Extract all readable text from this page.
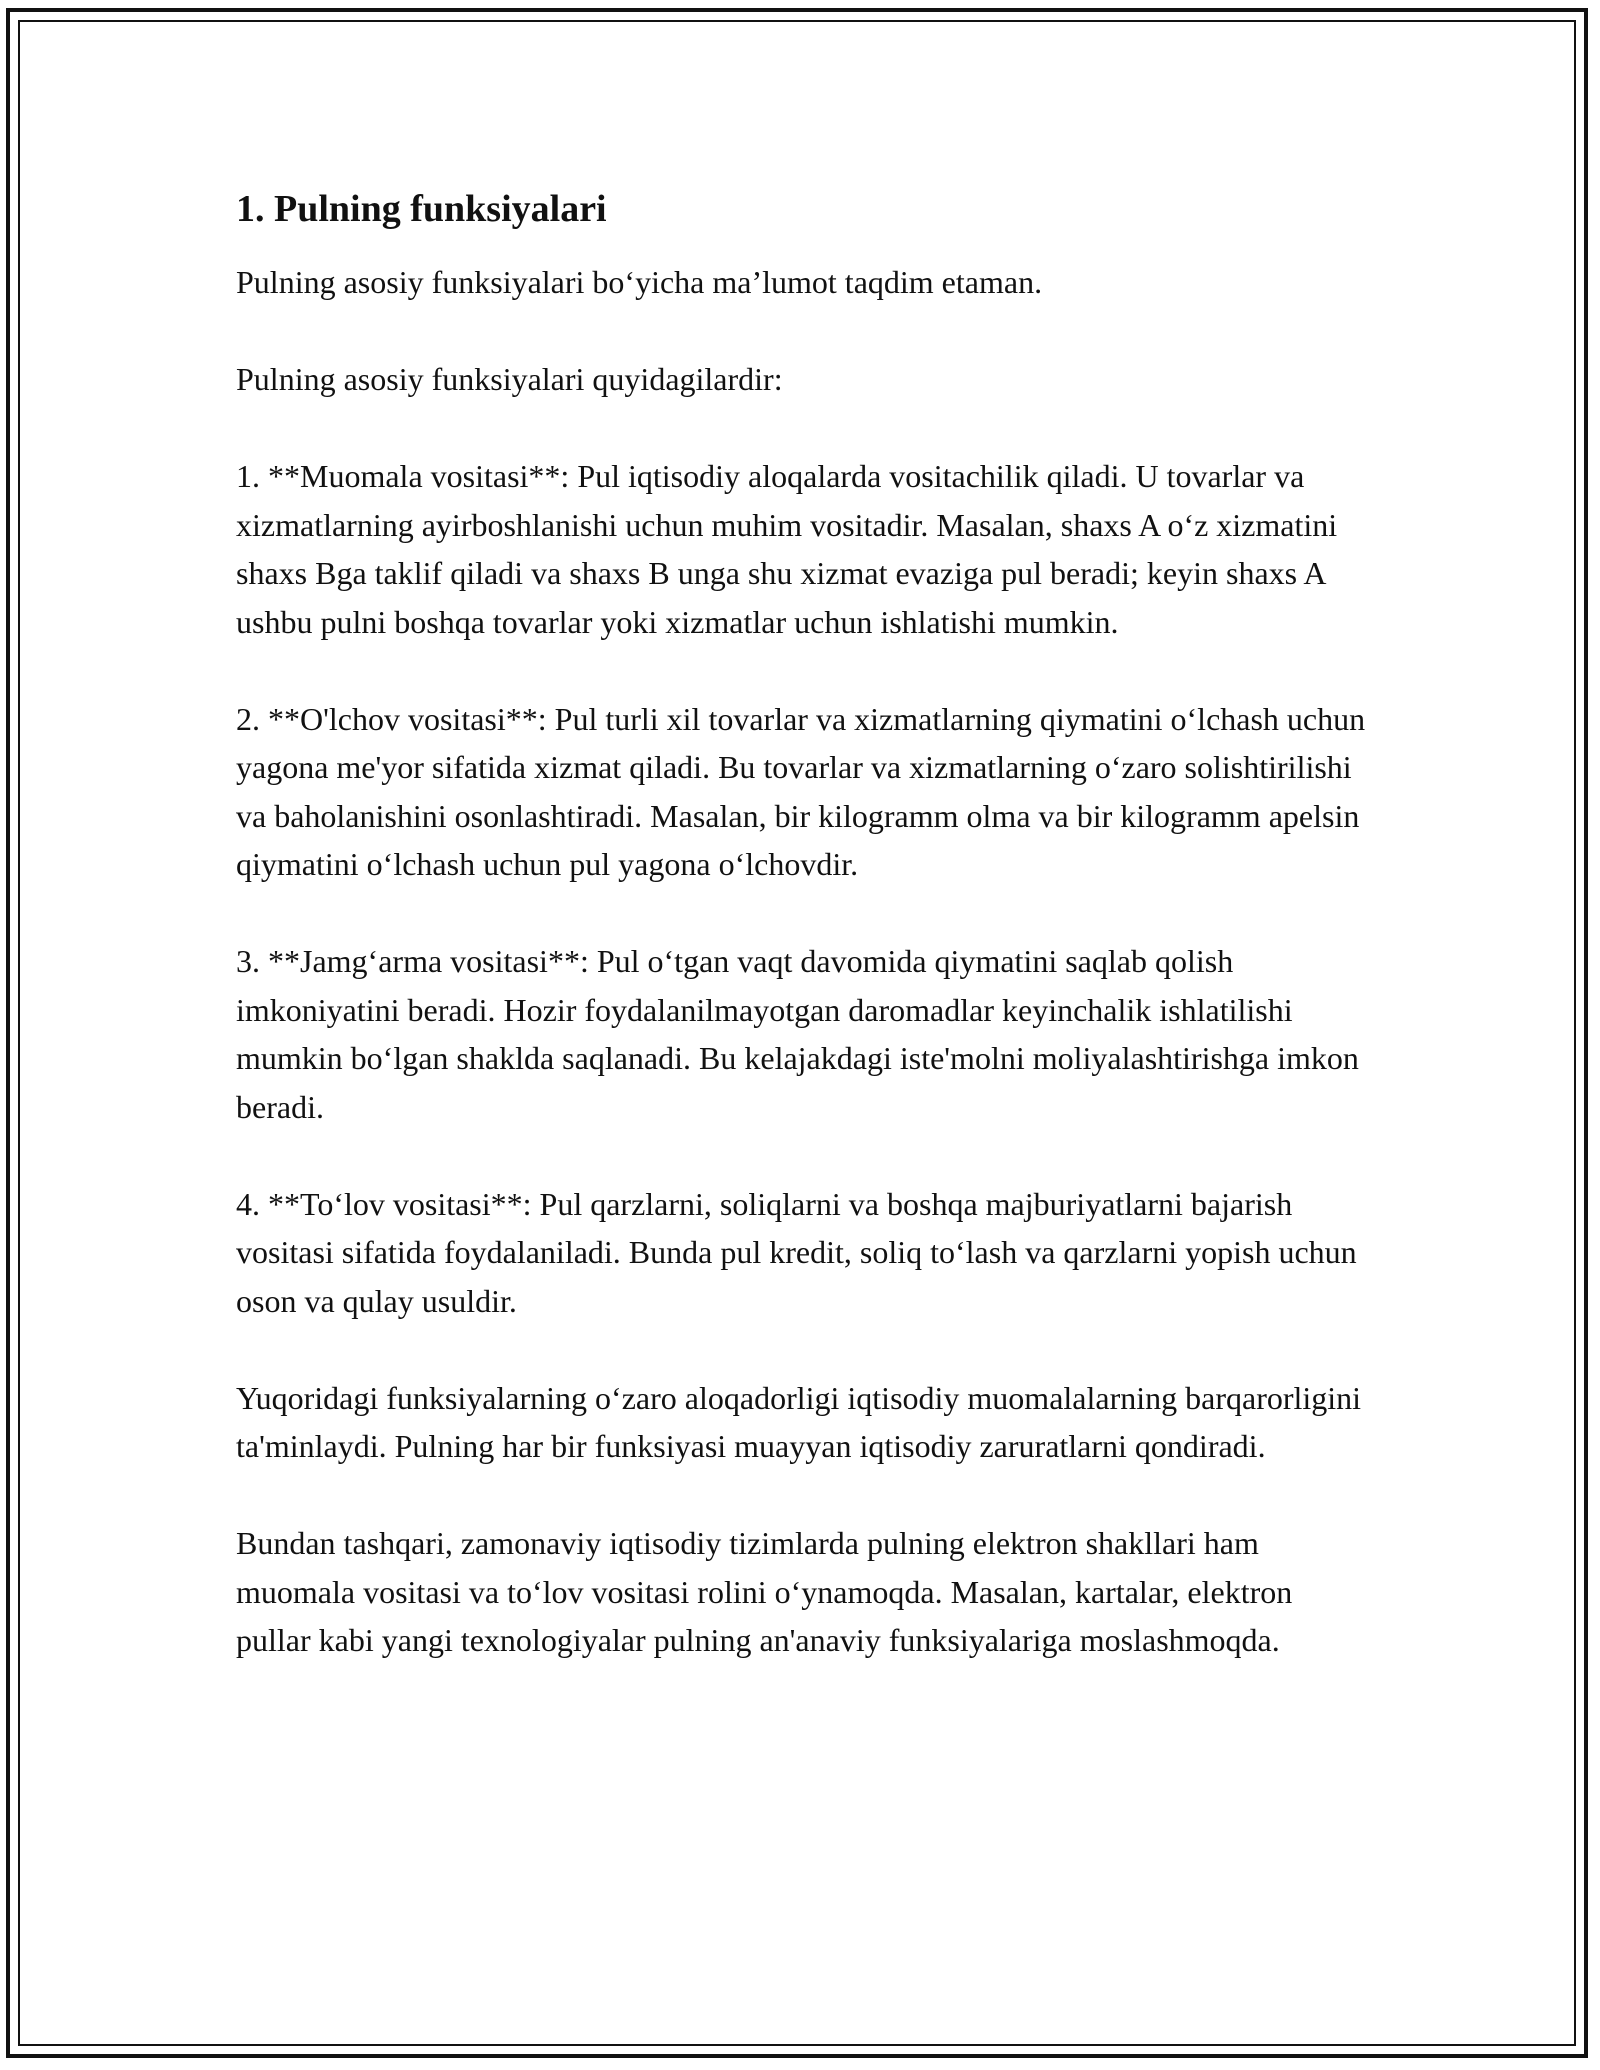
1. Pulning funksiyalari

Pulning asosiy funksiyalari bo‘yicha ma’lumot taqdim etaman.

Pulning asosiy funksiyalari quyidagilardir:

1. **Muomala vositasi**: Pul iqtisodiy aloqalarda vositachilik qiladi. U tovarlar va xizmatlarning ayirboshlanishi uchun muhim vositadir. Masalan, shaxs A o‘z xizmatini shaxs Bga taklif qiladi va shaxs B unga shu xizmat evaziga pul beradi; keyin shaxs A ushbu pulni boshqa tovarlar yoki xizmatlar uchun ishlatishi mumkin.

2. **O'lchov vositasi**: Pul turli xil tovarlar va xizmatlarning qiymatini o‘lchash uchun yagona me'yor sifatida xizmat qiladi. Bu tovarlar va xizmatlarning o‘zaro solishtirilishi va baholanishini osonlashtiradi. Masalan, bir kilogramm olma va bir kilogramm apelsin qiymatini o‘lchash uchun pul yagona o‘lchovdir.

3. **Jamg‘arma vositasi**: Pul o‘tgan vaqt davomida qiymatini saqlab qolish imkoniyatini beradi. Hozir foydalanilmayotgan daromadlar keyinchalik ishlatilishi mumkin bo‘lgan shaklda saqlanadi. Bu kelajakdagi iste'molni moliyalashtirishga imkon beradi.

4. **To‘lov vositasi**: Pul qarzlarni, soliqlarni va boshqa majburiyatlarni bajarish vositasi sifatida foydalaniladi. Bunda pul kredit, soliq to‘lash va qarzlarni yopish uchun oson va qulay usuldir.

Yuqoridagi funksiyalarning o‘zaro aloqadorligi iqtisodiy muomalalarning barqarorligini ta'minlaydi. Pulning har bir funksiyasi muayyan iqtisodiy zaruratlarni qondiradi.

Bundan tashqari, zamonaviy iqtisodiy tizimlarda pulning elektron shakllari ham muomala vositasi va to‘lov vositasi rolini o‘ynamoqda. Masalan, kartalar, elektron pullar kabi yangi texnologiyalar pulning an'anaviy funksiyalariga moslashmoqda.
